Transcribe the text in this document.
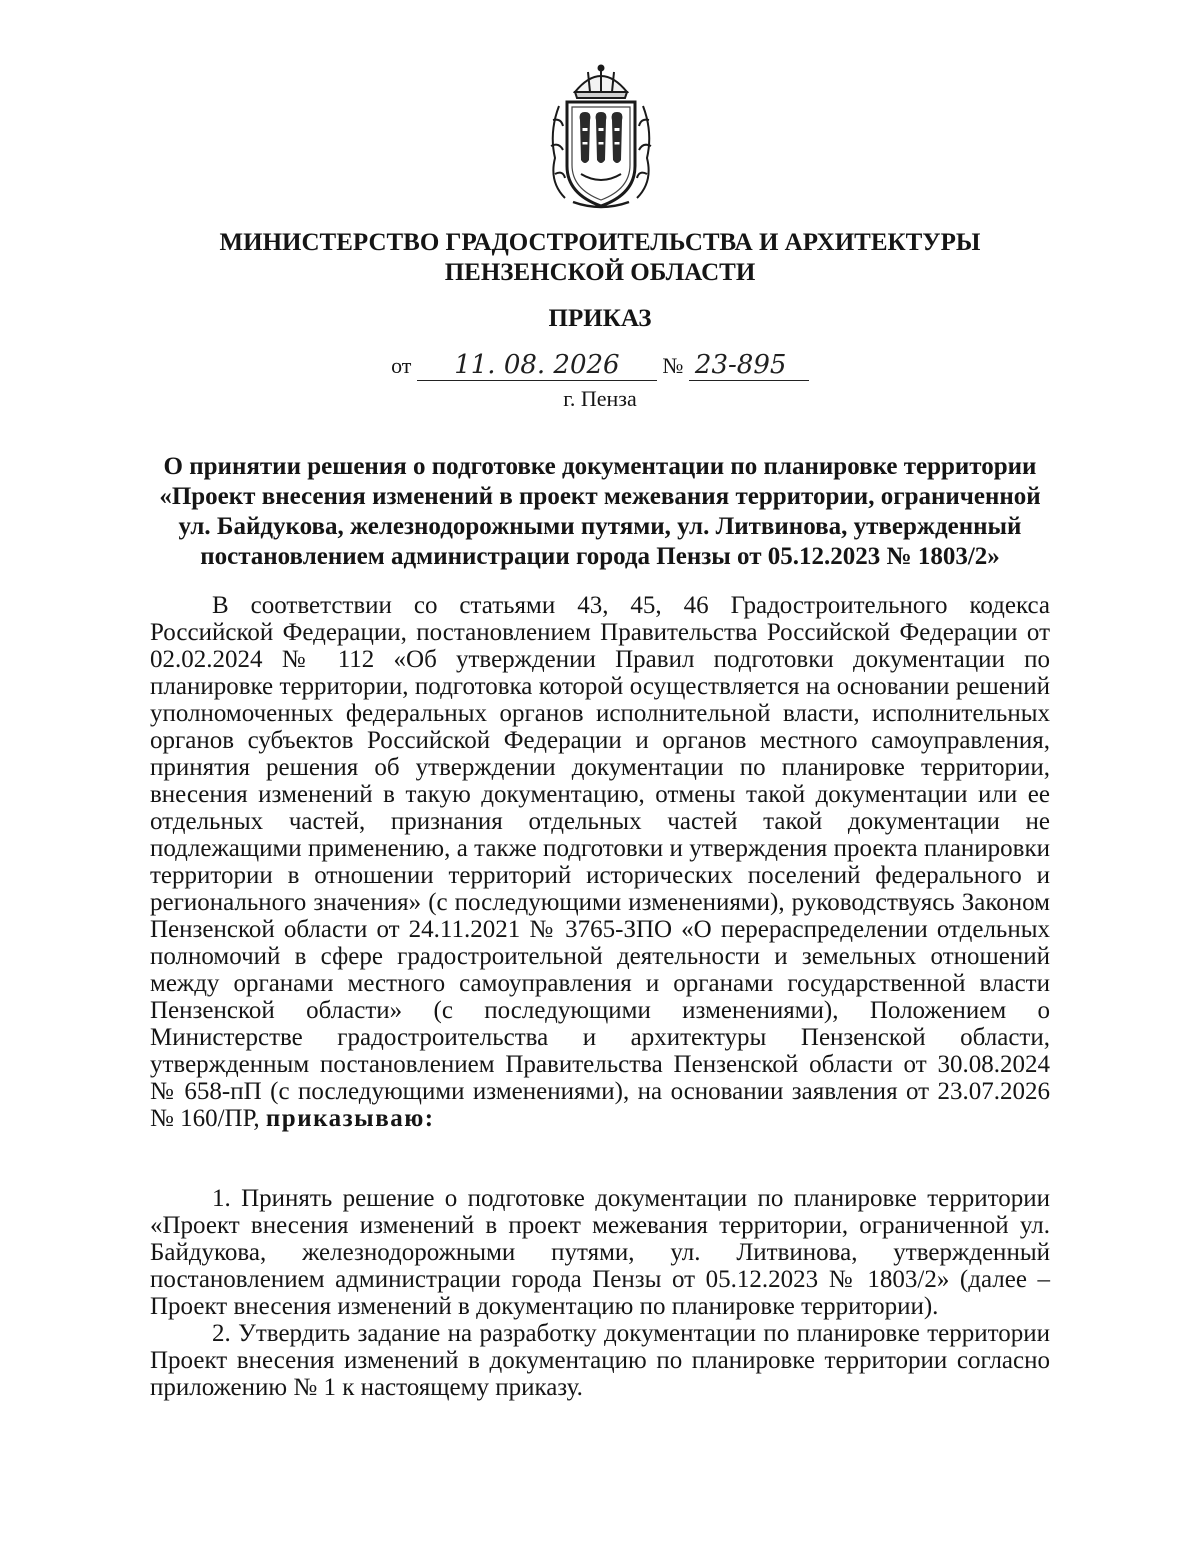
МИНИСТЕРСТВО ГРАДОСТРОИТЕЛЬСТВА И АРХИТЕКТУРЫ
ПЕНЗЕНСКОЙ ОБЛАСТИ
ПРИКАЗ
от 11. 08. 2026 № 23-895
г. Пенза
О принятии решения о подготовке документации по планировке территории
«Проект внесения изменений в проект межевания территории, ограниченной
ул. Байдукова, железнодорожными путями, ул. Литвинова, утвержденный
постановлением администрации города Пензы от 05.12.2023 № 1803/2»

В соответствии со статьями 43, 45, 46 Градостроительного кодекса Российской Федерации, постановлением Правительства Российской Федерации от 02.02.2024 № 112 «Об утверждении Правил подготовки документации по планировке территории, подготовка которой осуществляется на основании решений уполномоченных федеральных органов исполнительной власти, исполнительных органов субъектов Российской Федерации и органов местного самоуправления, принятия решения об утверждении документации по планировке территории, внесения изменений в такую документацию, отмены такой документации или ее отдельных частей, признания отдельных частей такой документации не подлежащими применению, а также подготовки и утверждения проекта планировки территории в отношении территорий исторических поселений федерального и регионального значения» (с последующими изменениями), руководствуясь Законом Пензенской области от 24.11.2021 № 3765-ЗПО «О перераспределении отдельных полномочий в сфере градостроительной деятельности и земельных отношений между органами местного самоуправления и органами государственной власти Пензенской области» (с последующими изменениями), Положением о Министерстве градостроительства и архитектуры Пензенской области, утвержденным постановлением Правительства Пензенской области от 30.08.2024 № 658-пП (с последующими изменениями), на основании заявления от 23.07.2026 № 160/ПР, приказываю:

1. Принять решение о подготовке документации по планировке территории «Проект внесения изменений в проект межевания территории, ограниченной ул. Байдукова, железнодорожными путями, ул. Литвинова, утвержденный постановлением администрации города Пензы от 05.12.2023 № 1803/2» (далее – Проект внесения изменений в документацию по планировке территории).

2. Утвердить задание на разработку документации по планировке территории Проект внесения изменений в документацию по планировке территории согласно приложению № 1 к настоящему приказу.
